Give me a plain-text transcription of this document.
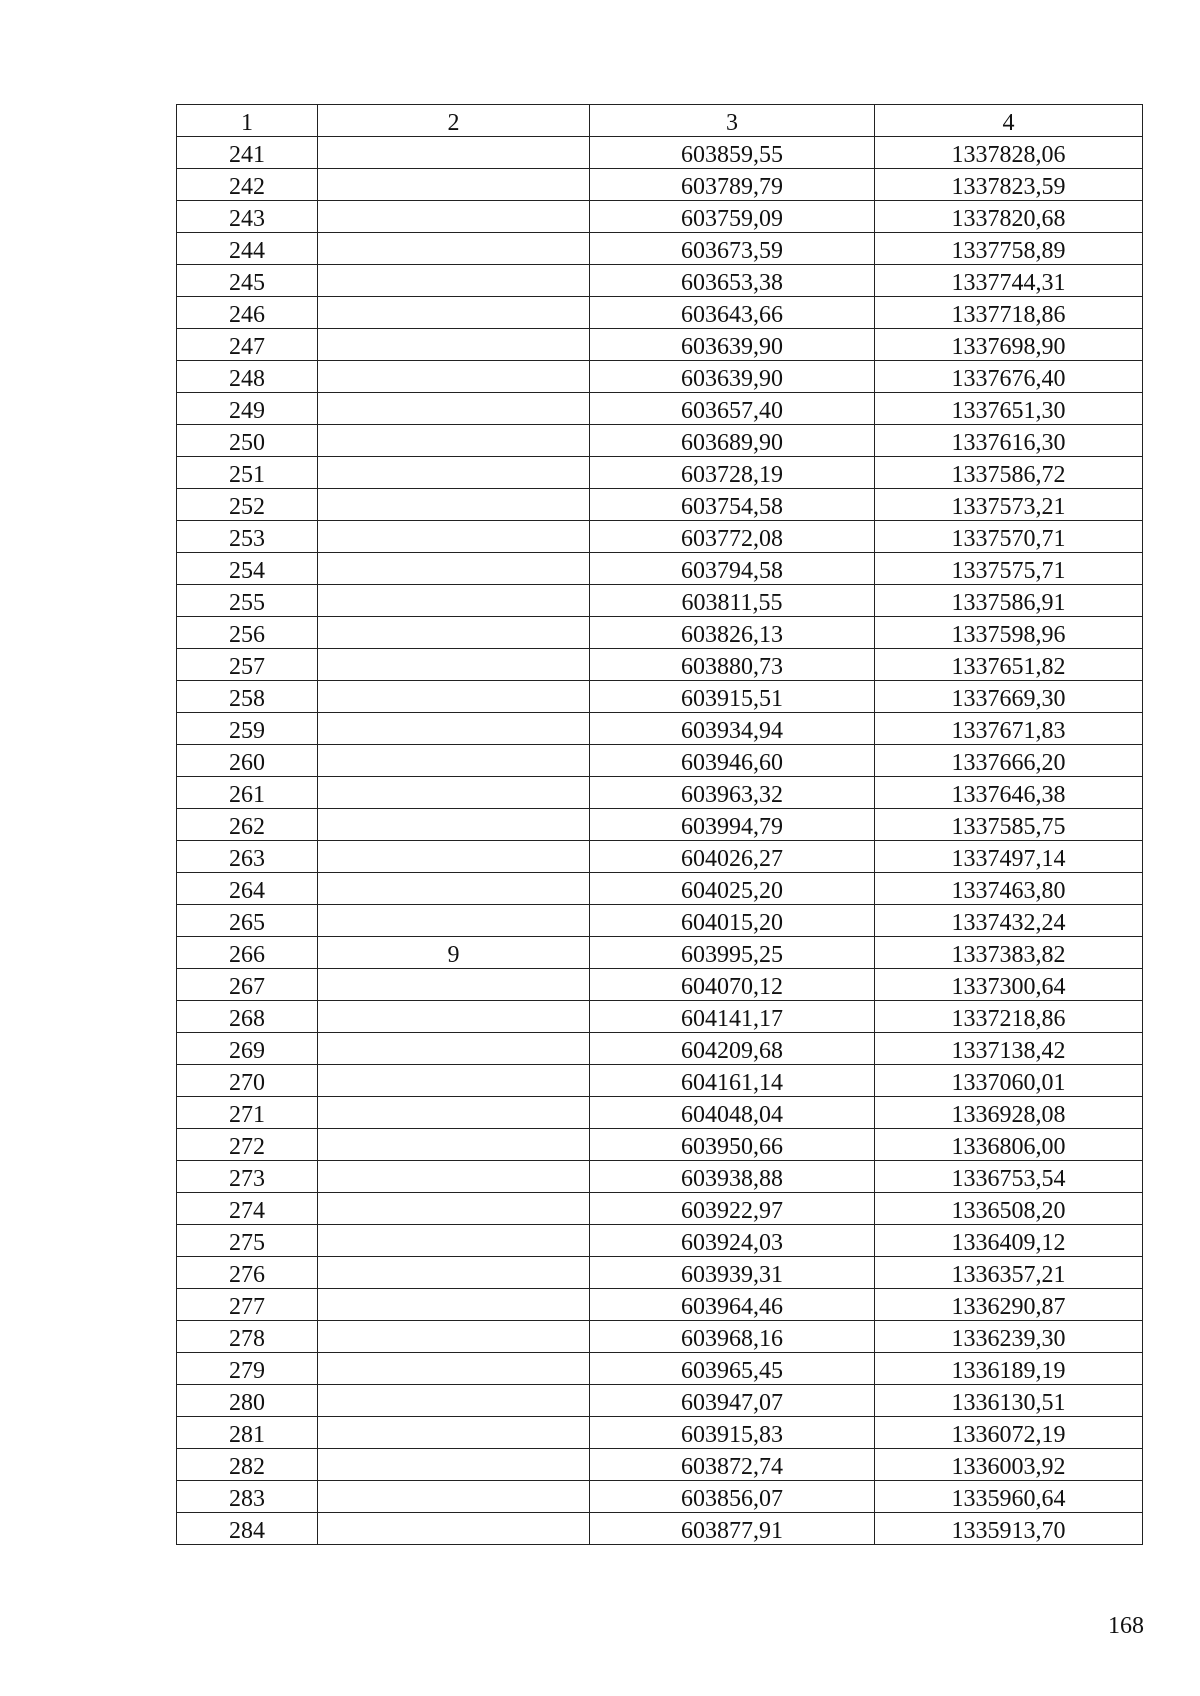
1	2	3	4
241		603859,55	1337828,06
242		603789,79	1337823,59
243		603759,09	1337820,68
244		603673,59	1337758,89
245		603653,38	1337744,31
246		603643,66	1337718,86
247		603639,90	1337698,90
248		603639,90	1337676,40
249		603657,40	1337651,30
250		603689,90	1337616,30
251		603728,19	1337586,72
252		603754,58	1337573,21
253		603772,08	1337570,71
254		603794,58	1337575,71
255		603811,55	1337586,91
256		603826,13	1337598,96
257		603880,73	1337651,82
258		603915,51	1337669,30
259		603934,94	1337671,83
260		603946,60	1337666,20
261		603963,32	1337646,38
262		603994,79	1337585,75
263		604026,27	1337497,14
264		604025,20	1337463,80
265		604015,20	1337432,24
266	9	603995,25	1337383,82
267		604070,12	1337300,64
268		604141,17	1337218,86
269		604209,68	1337138,42
270		604161,14	1337060,01
271		604048,04	1336928,08
272		603950,66	1336806,00
273		603938,88	1336753,54
274		603922,97	1336508,20
275		603924,03	1336409,12
276		603939,31	1336357,21
277		603964,46	1336290,87
278		603968,16	1336239,30
279		603965,45	1336189,19
280		603947,07	1336130,51
281		603915,83	1336072,19
282		603872,74	1336003,92
283		603856,07	1335960,64
284		603877,91	1335913,70
168
